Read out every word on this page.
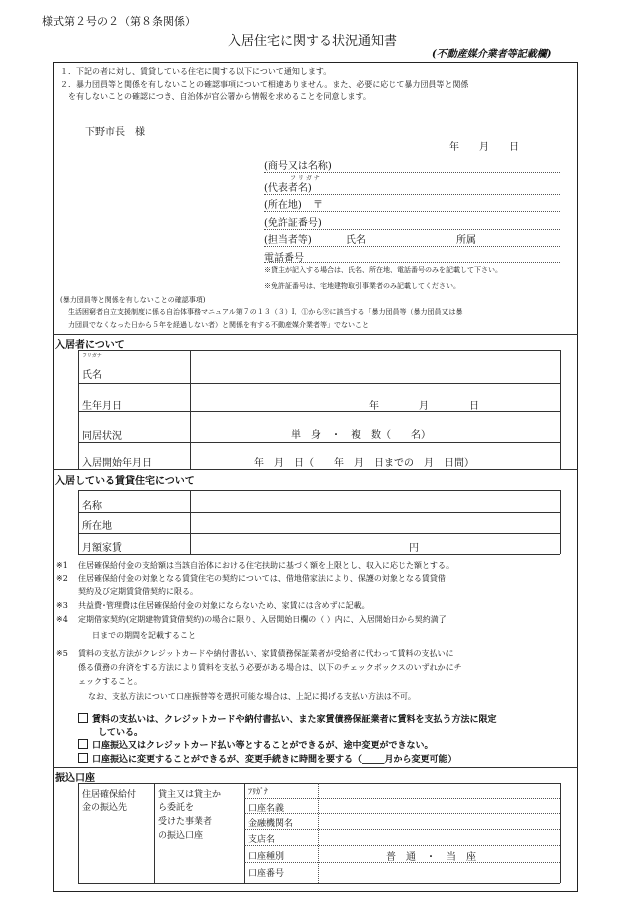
様式第２号の２（第８条関係）
入居住宅に関する状況通知書
(不動産媒介業者等記載欄)
１．下記の者に対し、賃貸している住宅に関する以下について通知します。
２．暴力団員等と関係を有しないことの確認事項について相違ありません。また、必要に応じて暴力団員等と関係
を有しないことの確認につき、自治体が官公署から情報を求めることを同意します。
下野市長　様
年　　月　　日
(商号又は名称)
フ リ ガ ナ
(代表者名)
(所在地) 〒
(免許証番号)
(担当者等)	氏名	所属
電話番号
※貸主が記入する場合は、氏名、所在地、電話番号のみを記載して下さい。
※免許証番号は、宅地建物取引事業者のみ記載してください。
(暴力団員等と関係を有しないことの確認事項)
生活困窮者自立支援制度に係る自治体事務マニュアル第７の１３（３）Ⅰ．①から⑨に該当する「暴力団員等（暴力団員又は暴
力団員でなくなった日から５年を経過しない者）と関係を有する不動産媒介業者等」でないこと
入居者について
フリガナ
氏名
生年月日	年　　　　月　　　　日
同居状況	単　身　・　複　数（　　名）
入居開始年月日	年　月　日（　　年　月　日までの　月　日間）
入居している賃貸住宅について
名称
所在地
月額家賃	円
※1 住居確保給付金の支給額は当該自治体における住宅扶助に基づく額を上限とし、収入に応じた額とする。
※2 住居確保給付金の対象となる賃貸住宅の契約については、借地借家法により、保護の対象となる賃貸借
契約及び定期賃貸借契約に限る。
※3 共益費･管理費は住居確保給付金の対象にならないため、家賃には含めずに記載。
※4 定期借家契約(定期建物賃貸借契約)の場合に限り、入居開始日欄の（ ）内に、入居開始日から契約満了
日までの期間を記載すること
※5 賃料の支払方法がクレジットカードや納付書払い、家賃債務保証業者が受給者に代わって賃料の支払いに
係る債務の弁済をする方法により賃料を支払う必要がある場合は、以下のチェックボックスのいずれかにチ
ェックすること。
なお、支払方法について口座振替等を選択可能な場合は、上記に掲げる支払い方法は不可。
賃料の支払いは、クレジットカードや納付書払い、また家賃債務保証業者に賃料を支払う方法に限定
している。
口座振込又はクレジットカード払い等とすることができるが、途中変更ができない。
口座振込に変更することができるが、変更手続きに時間を要する（_____月から変更可能）
振込口座
住居確保給付
金の振込先
貸主又は貸主か
ら委託を
受けた事業者
の振込口座
ﾌﾘｶﾞﾅ
口座名義
金融機関名
支店名
口座種別	普　通　・　当　座
口座番号
